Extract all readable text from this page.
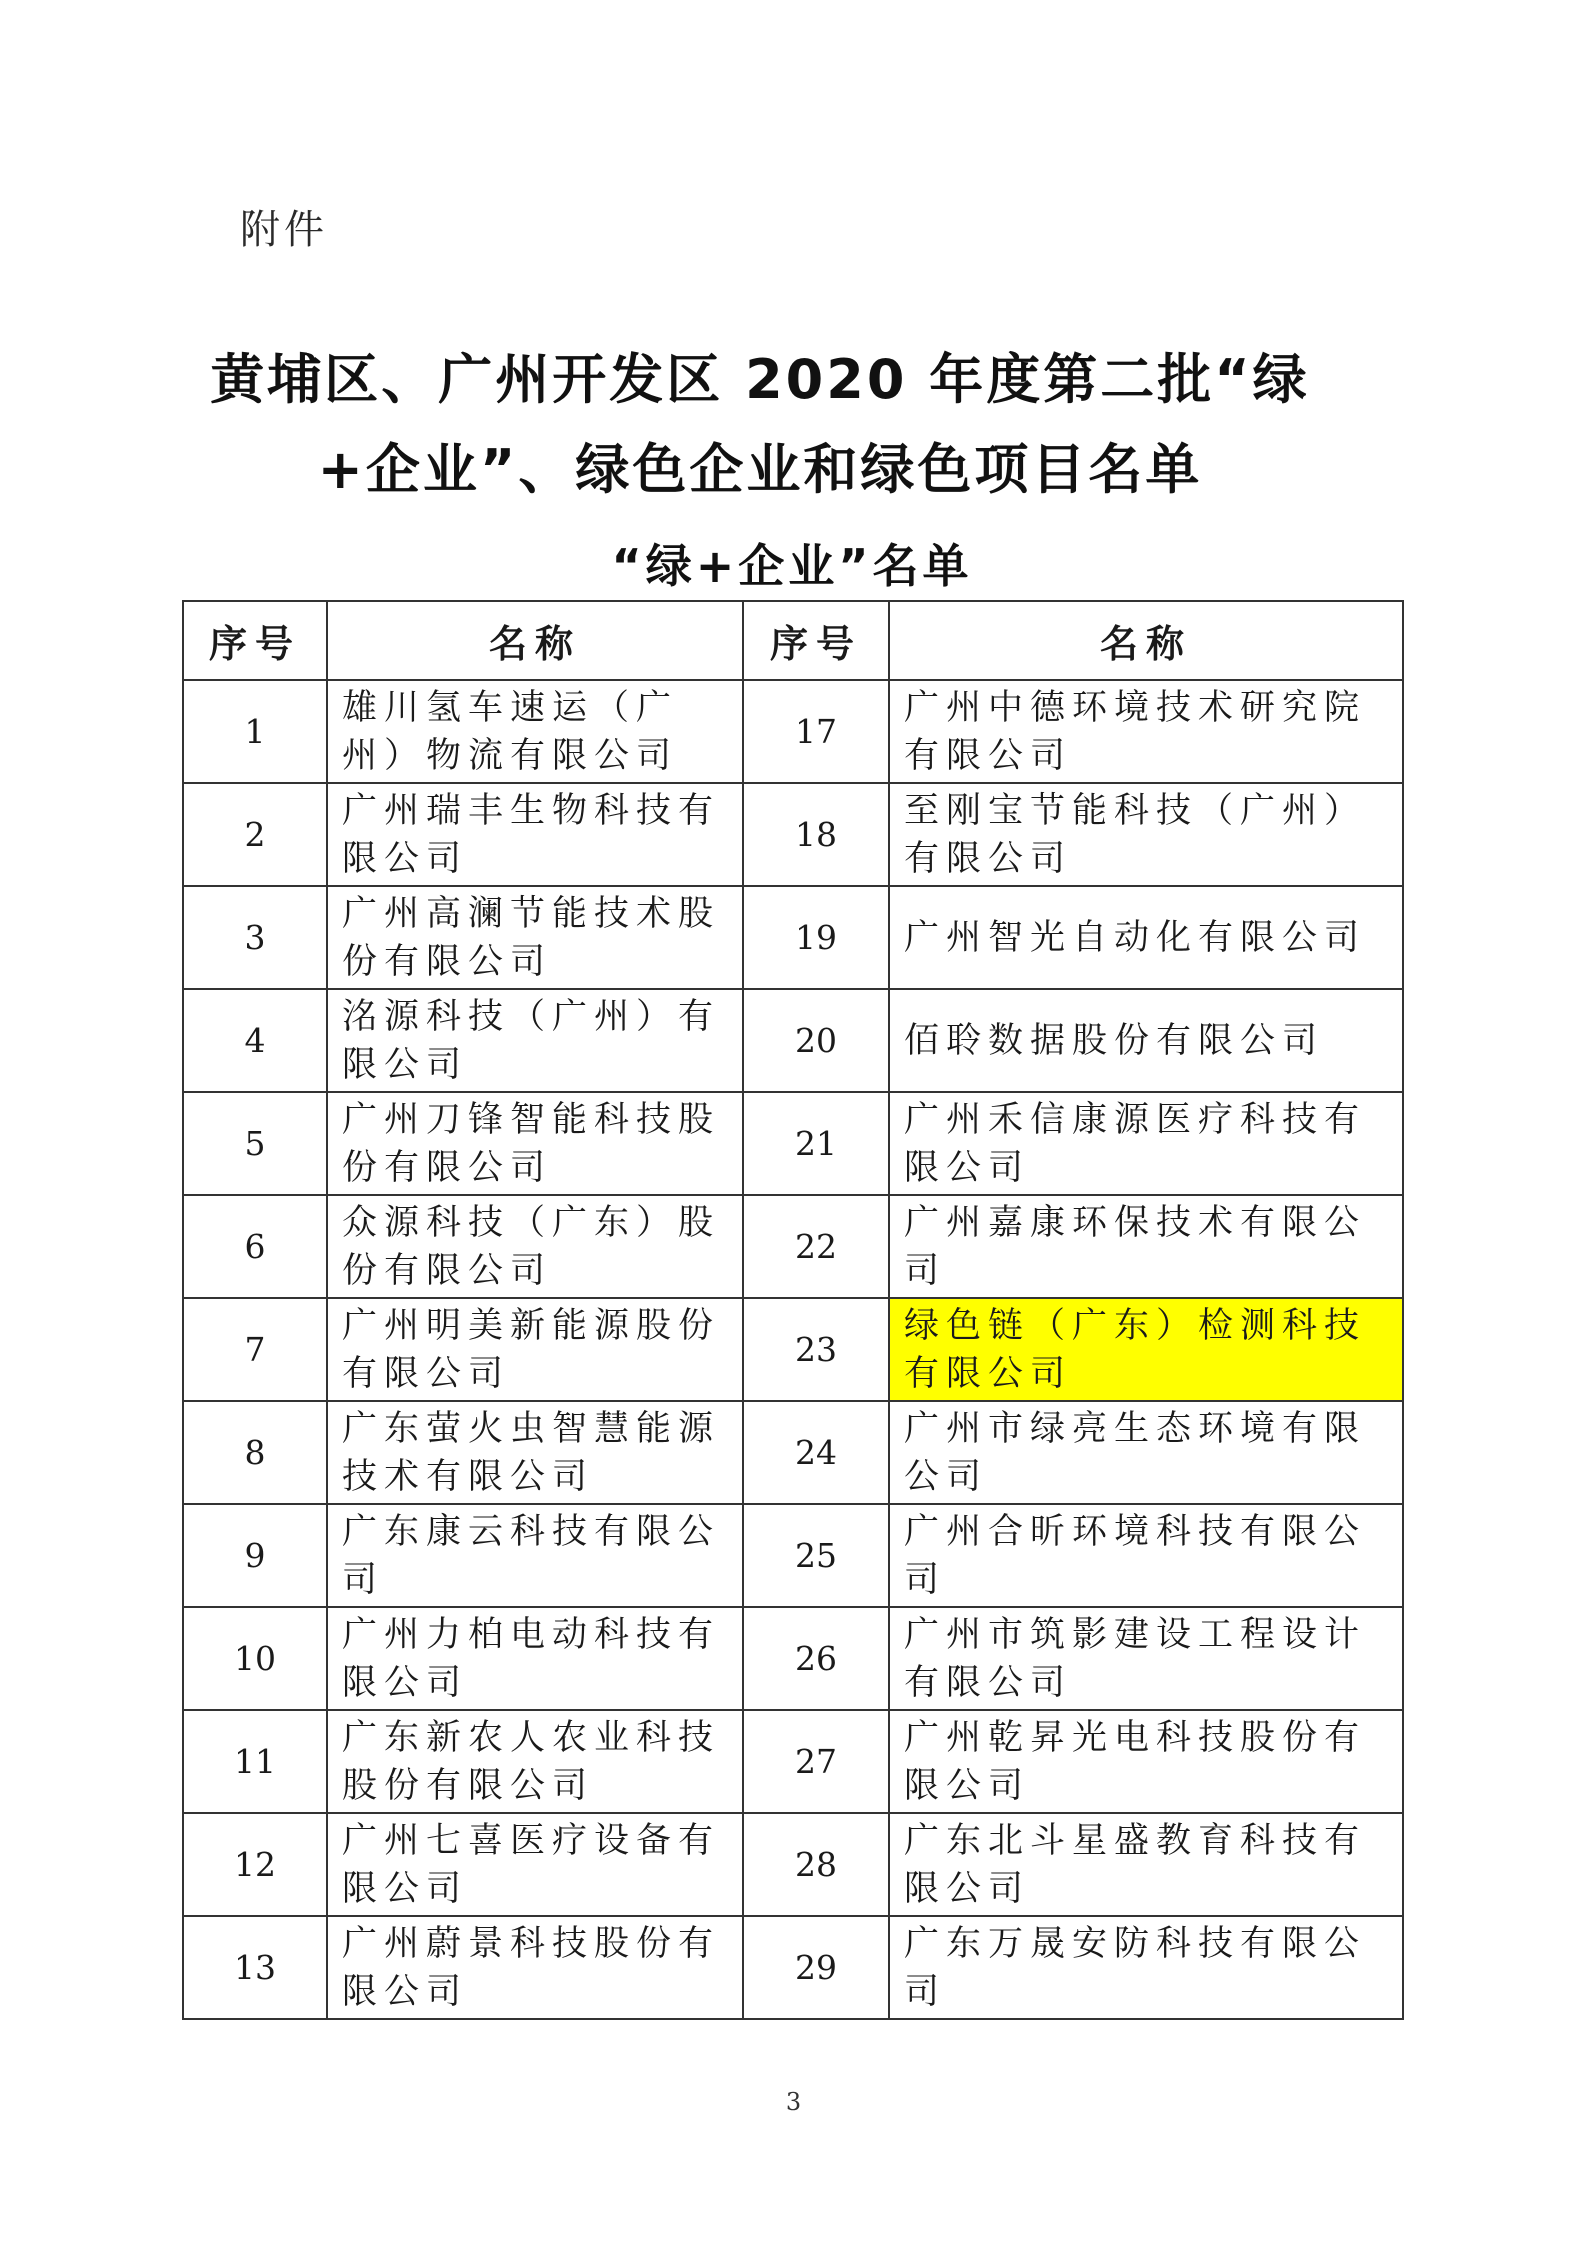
附件
黄埔区、广州开发区 2020 年度第二批“绿
+企业”、绿色企业和绿色项目名单
“绿+企业”名单
序号	名称	序号	名称
1	雄川氢车速运（广州）物流有限公司	17	广州中德环境技术研究院有限公司
2	广州瑞丰生物科技有限公司	18	至刚宝节能科技（广州）有限公司
3	广州高澜节能技术股份有限公司	19	广州智光自动化有限公司
4	洺源科技（广州）有限公司	20	佰聆数据股份有限公司
5	广州刀锋智能科技股份有限公司	21	广州禾信康源医疗科技有限公司
6	众源科技（广东）股份有限公司	22	广州嘉康环保技术有限公司
7	广州明美新能源股份有限公司	23	绿色链（广东）检测科技有限公司
8	广东萤火虫智慧能源技术有限公司	24	广州市绿亮生态环境有限公司
9	广东康云科技有限公司	25	广州合昕环境科技有限公司
10	广州力柏电动科技有限公司	26	广州市筑影建设工程设计有限公司
11	广东新农人农业科技股份有限公司	27	广州乾昇光电科技股份有限公司
12	广州七喜医疗设备有限公司	28	广东北斗星盛教育科技有限公司
13	广州蔚景科技股份有限公司	29	广东万晟安防科技有限公司
3
